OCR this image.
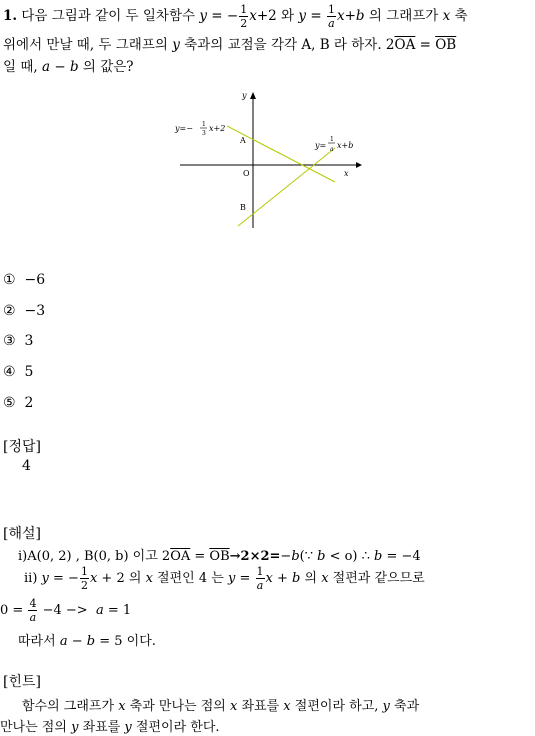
1. 다음 그림과 같이 두 일차함수 y = − $\frac{1}{2} x+2$ 와 $y = \frac{1}{a} x+b$ 의 그래프가 x 축
위에서 만날 때, 두 그래프의 y 축과의 교점을 각각 A, B 라 하자. $2\overline{OA} = \overline{OB}$
일 때, a − b 의 값은?
y
x
O
A
B
y=− 1
3
x+2
y=
1
a x+b
① −6
② −3
③ 3
④ 5
⑤ 2
[정답]
4
[해설]
ⅰ)A(0, 2) , B(0, b) 이고 $2\overline{OA}$ = $\overline{OB}\to 2\times 2=-b(\because$ b < o) ∴ b = −4
ⅱ) y = − $\frac{1}{2}$ x + 2 의 x 절편인 4 는 $y = \frac{1}{a}$ x + b 의 x 절편과 같으므로
$0 = \frac{4}{a} -4 -> a = 1$
따라서 a − b = 5 이다.
[힌트]
함수의 그래프가 x 축과 만나는 점의 x 좌표를 x 절편이라 하고, y 축과
만나는 점의 y 좌표를 y 절편이라 한다.
